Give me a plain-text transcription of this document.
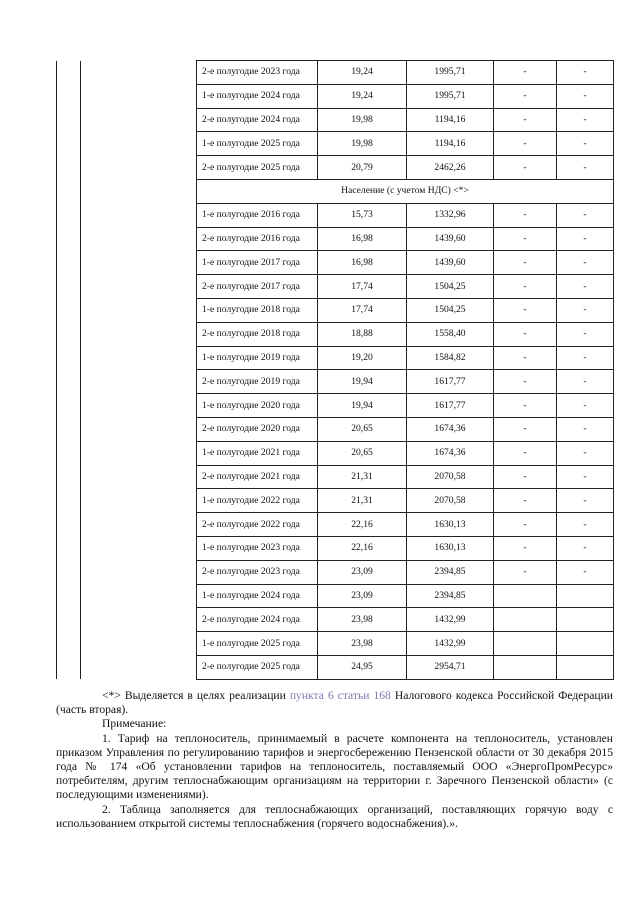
		2-е полугодие 2023 года	19,24	1995,71	-	-
		1-е полугодие 2024 года	19,24	1995,71	-	-
		2-е полугодие 2024 года	19,98	1194,16	-	-
		1-е полугодие 2025 года	19,98	1194,16	-	-
		2-е полугодие 2025 года	20,79	2462,26	-	-
		Население (с учетом НДС) <*>				
		1-е полугодие 2016 года	15,73	1332,96	-	-
		2-е полугодие 2016 года	16,98	1439,60	-	-
		1-е полугодие 2017 года	16,98	1439,60	-	-
		2-е полугодие 2017 года	17,74	1504,25	-	-
		1-е полугодие 2018 года	17,74	1504,25	-	-
		2-е полугодие 2018 года	18,88	1558,40	-	-
		1-е полугодие 2019 года	19,20	1584,82	-	-
		2-е полугодие 2019 года	19,94	1617,77	-	-
		1-е полугодие 2020 года	19,94	1617,77	-	-
		2-е полугодие 2020 года	20,65	1674,36	-	-
		1-е полугодие 2021 года	20,65	1674,36	-	-
		2-е полугодие 2021 года	21,31	2070,58	-	-
		1-е полугодие 2022 года	21,31	2070,58	-	-
		2-е полугодие 2022 года	22,16	1630,13	-	-
		1-е полугодие 2023 года	22,16	1630,13	-	-
		2-е полугодие 2023 года	23,09	2394,85	-	-
		1-е полугодие 2024 года	23,09	2394,85		
		2-е полугодие 2024 года	23,98	1432,99		
		1-е полугодие 2025 года	23,98	1432,99		
		2-е полугодие 2025 года	24,95	2954,71		

<*> Выделяется в целях реализации пункта 6 статьи 168 Налогового кодекса Российской Федерации (часть вторая).

Примечание:

1. Тариф на теплоноситель, принимаемый в расчете компонента на теплоноситель, установлен приказом Управления по регулированию тарифов и энергосбережению Пензенской области от 30 декабря 2015 года № 174 «Об установлении тарифов на теплоноситель, поставляемый ООО «ЭнергоПромРесурс» потребителям, другим теплоснабжающим организациям на территории г. Заречного Пензенской области» (с последующими изменениями).

2. Таблица заполняется для теплоснабжающих организаций, поставляющих горячую воду с использованием открытой системы теплоснабжения (горячего водоснабжения).».
